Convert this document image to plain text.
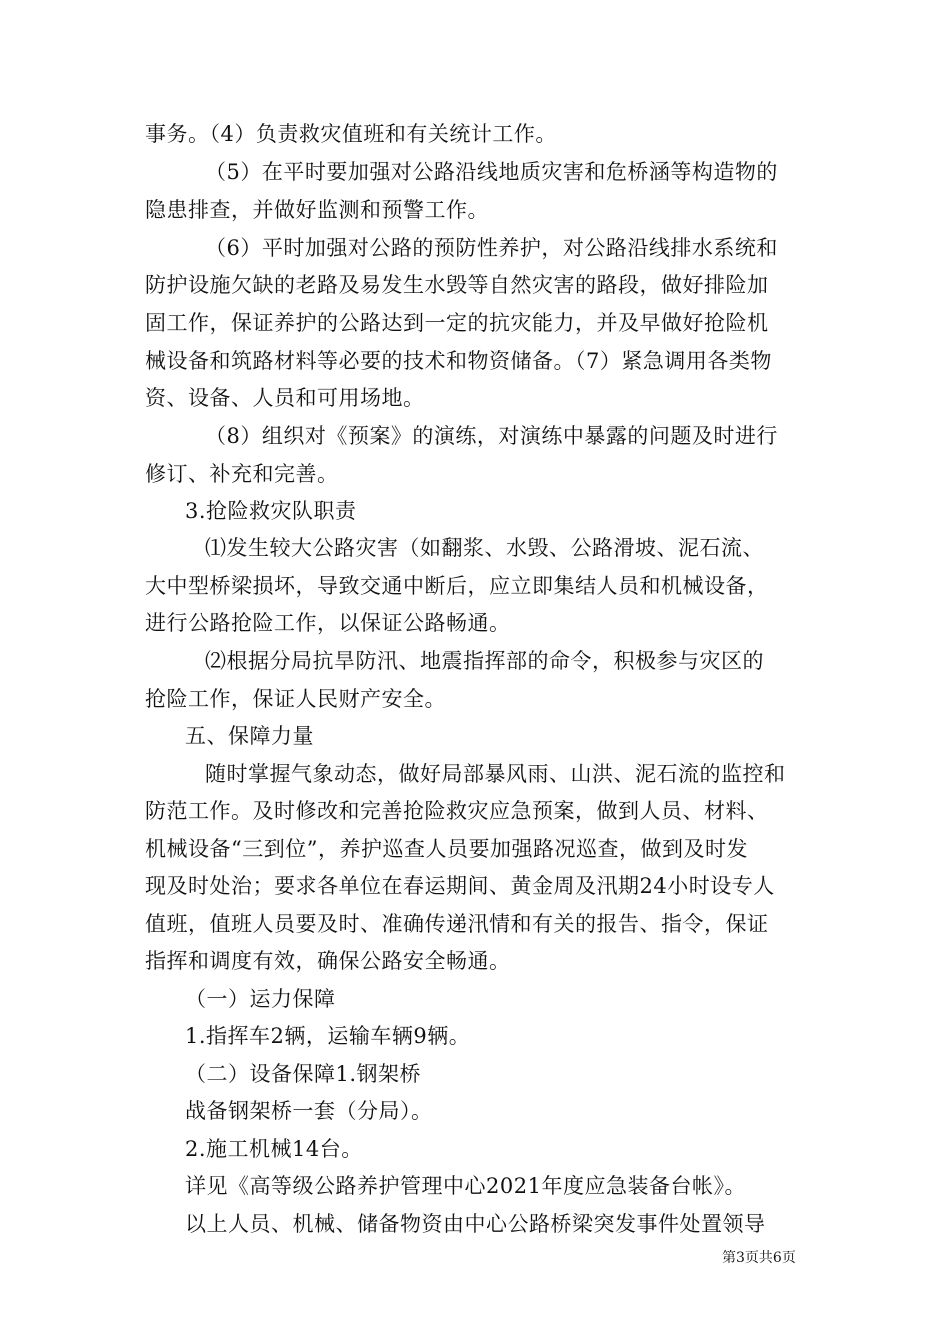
事务。（4）负责救灾值班和有关统计工作。
（5）在平时要加强对公路沿线地质灾害和危桥涵等构造物的
隐患排查，并做好监测和预警工作。
（6）平时加强对公路的预防性养护，对公路沿线排水系统和
防护设施欠缺的老路及易发生水毁等自然灾害的路段，做好排险加
固工作，保证养护的公路达到一定的抗灾能力，并及早做好抢险机
械设备和筑路材料等必要的技术和物资储备。（7）紧急调用各类物
资、设备、人员和可用场地。
（8）组织对《预案》的演练，对演练中暴露的问题及时进行
修订、补充和完善。
3.抢险救灾队职责
⑴发生较大公路灾害（如翻浆、水毁、公路滑坡、泥石流、
大中型桥梁损坏，导致交通中断后，应立即集结人员和机械设备，
进行公路抢险工作，以保证公路畅通。
⑵根据分局抗旱防汛、地震指挥部的命令，积极参与灾区的
抢险工作，保证人民财产安全。
五、保障力量
随时掌握气象动态，做好局部暴风雨、山洪、泥石流的监控和
防范工作。及时修改和完善抢险救灾应急预案，做到人员、材料、
机械设备“三到位”，养护巡查人员要加强路况巡查，做到及时发
现及时处治；要求各单位在春运期间、黄金周及汛期24小时设专人
值班，值班人员要及时、准确传递汛情和有关的报告、指令，保证
指挥和调度有效，确保公路安全畅通。
（一）运力保障
1.指挥车2辆，运输车辆9辆。
（二）设备保障1.钢架桥
战备钢架桥一套（分局）。
2.施工机械14台。
详见《高等级公路养护管理中心2021年度应急装备台帐》。
以上人员、机械、储备物资由中心公路桥梁突发事件处置领导
第3页共6页
